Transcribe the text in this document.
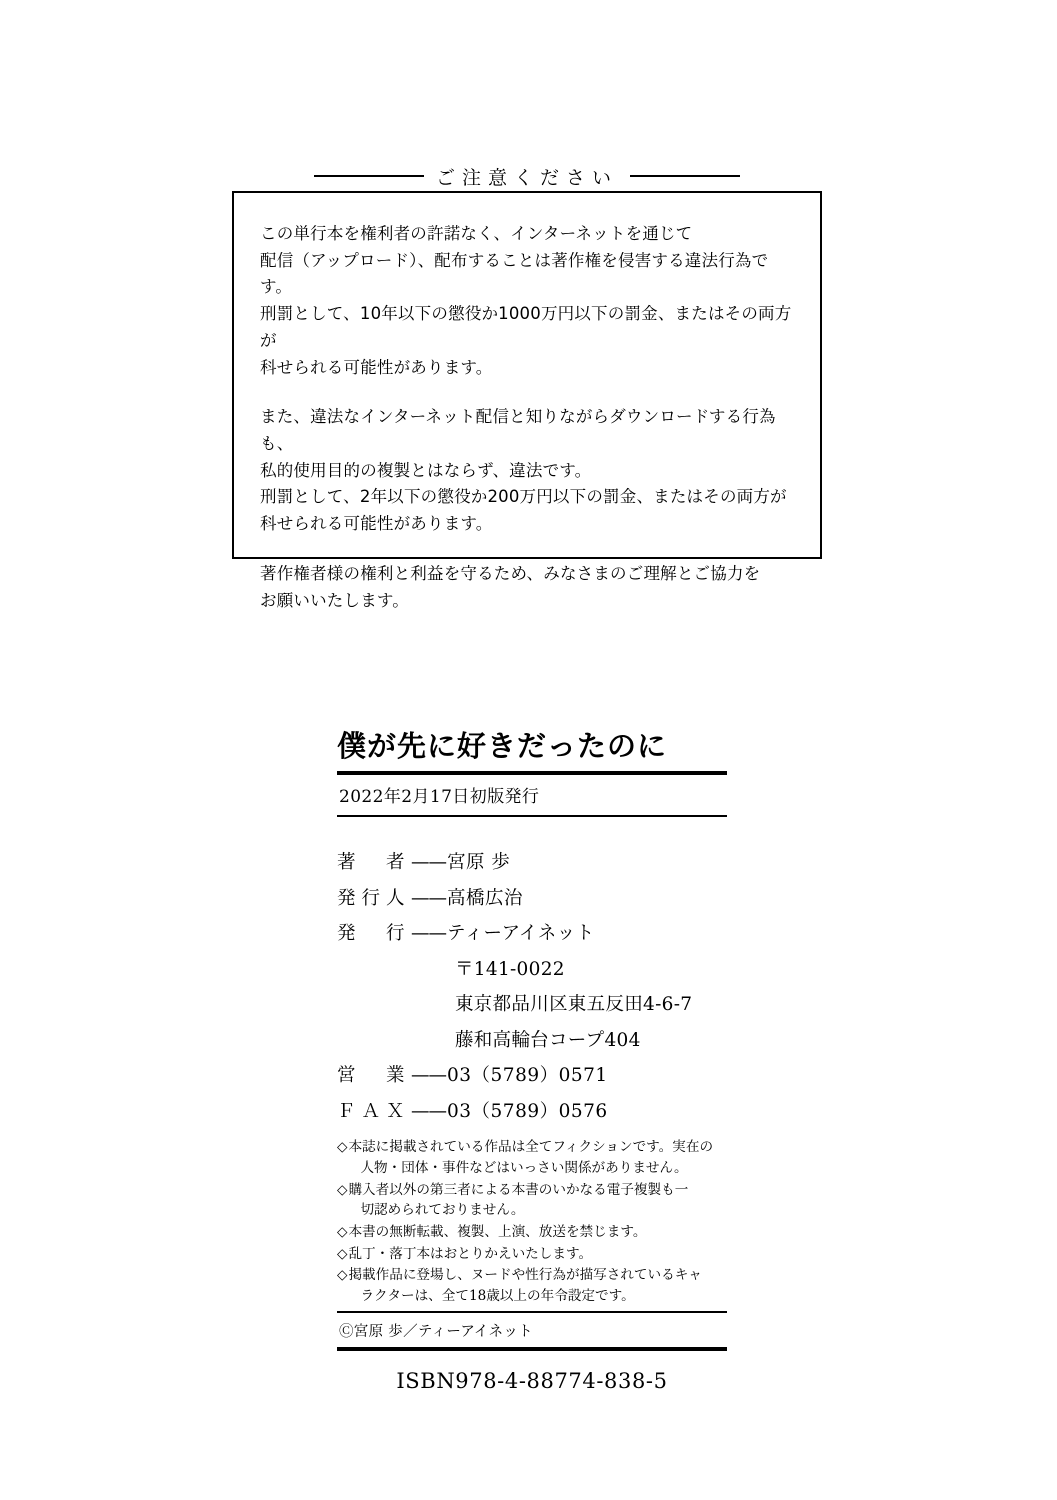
ご注意ください

この単行本を権利者の許諾なく、インターネットを通じて

配信（アップロード）、配布することは著作権を侵害する違法行為です。

刑罰として、10年以下の懲役か1000万円以下の罰金、またはその両方が

科せられる可能性があります。

また、違法なインターネット配信と知りながらダウンロードする行為も、

私的使用目的の複製とはならず、違法です。

刑罰として、2年以下の懲役か200万円以下の罰金、またはその両方が

科せられる可能性があります。

著作権者様の権利と利益を守るため、みなさまのご理解とご協力を

お願いいたします。

僕が先に好きだったのに
2022年2月17日初版発行
著　者 —— 宮原 歩
発行人 —— 高橋広治
発　行 —— ティーアイネット
〒141-0022
東京都品川区東五反田4-6-7
藤和高輪台コープ404
営　業 —— 03（5789）0571
ＦＡＸ —— 03（5789）0576
◇ 本誌に掲載されている作品は全てフィクションです。実在の
人物・団体・事件などはいっさい関係がありません。
◇ 購入者以外の第三者による本書のいかなる電子複製も一
切認められておりません。
◇ 本書の無断転載、複製、上演、放送を禁じます。
◇ 乱丁・落丁本はおとりかえいたします。
◇ 掲載作品に登場し、ヌードや性行為が描写されているキャ
ラクターは、全て18歳以上の年令設定です。
Ⓒ宮原 歩／ティーアイネット
ISBN978-4-88774-838-5
